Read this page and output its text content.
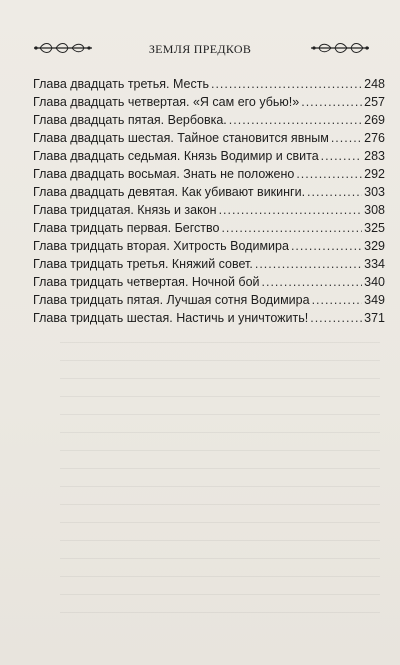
ЗЕМЛЯ ПРЕДКОВ
Глава двадцать третья. Месть .....	248
Глава двадцать четвертая. «Я сам его убью!» .....	257
Глава двадцать пятая. Вербовка. .....	269
Глава двадцать шестая. Тайное становится явным .....	276
Глава двадцать седьмая. Князь Водимир и свита .....	283
Глава двадцать восьмая. Знать не положено .....	292
Глава двадцать девятая. Как убивают викинги. .....	303
Глава тридцатая. Князь и закон .....	308
Глава тридцать первая. Бегство .....	325
Глава тридцать вторая. Хитрость Водимира .....	329
Глава тридцать третья. Княжий совет. .....	334
Глава тридцать четвертая. Ночной бой .....	340
Глава тридцать пятая. Лучшая сотня Водимира .....	349
Глава тридцать шестая. Настичь и уничтожить! .....	371
